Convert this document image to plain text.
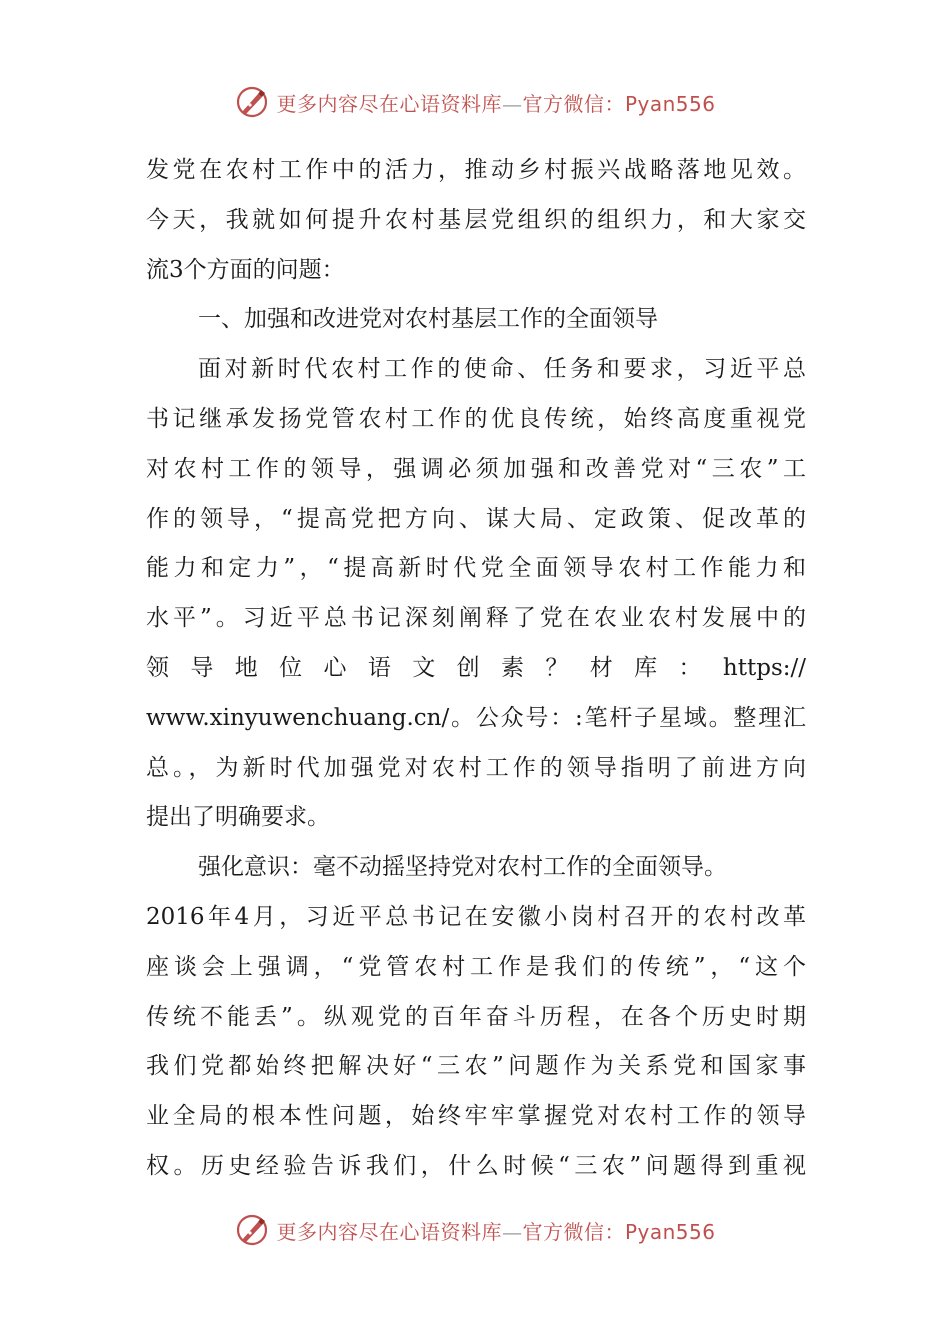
更多内容尽在心语资料库—官方微信：Pyan556
发党在农村工作中的活力，推动乡村振兴战略落地见效。
今天，我就如何提升农村基层党组织的组织力，和大家交
流3个方面的问题：
一、加强和改进党对农村基层工作的全面领导
面对新时代农村工作的使命、任务和要求，习近平总
书记继承发扬党管农村工作的优良传统，始终高度重视党
对农村工作的领导，强调必须加强和改善党对“三农”工
作的领导，“提高党把方向、谋大局、定政策、促改革的
能力和定力”，“提高新时代党全面领导农村工作能力和
水平”。习近平总书记深刻阐释了党在农业农村发展中的
领导地位心语文创素？材库：https://
www.xinyuwenchuang.cn/。公众号：:笔杆子星域。整理汇
总。，为新时代加强党对农村工作的领导指明了前进方向
提出了明确要求。
强化意识：毫不动摇坚持党对农村工作的全面领导。
2016年4月，习近平总书记在安徽小岗村召开的农村改革
座谈会上强调，“党管农村工作是我们的传统”，“这个
传统不能丢”。纵观党的百年奋斗历程，在各个历史时期
我们党都始终把解决好“三农”问题作为关系党和国家事
业全局的根本性问题，始终牢牢掌握党对农村工作的领导
权。历史经验告诉我们，什么时候“三农”问题得到重视
更多内容尽在心语资料库—官方微信：Pyan556
